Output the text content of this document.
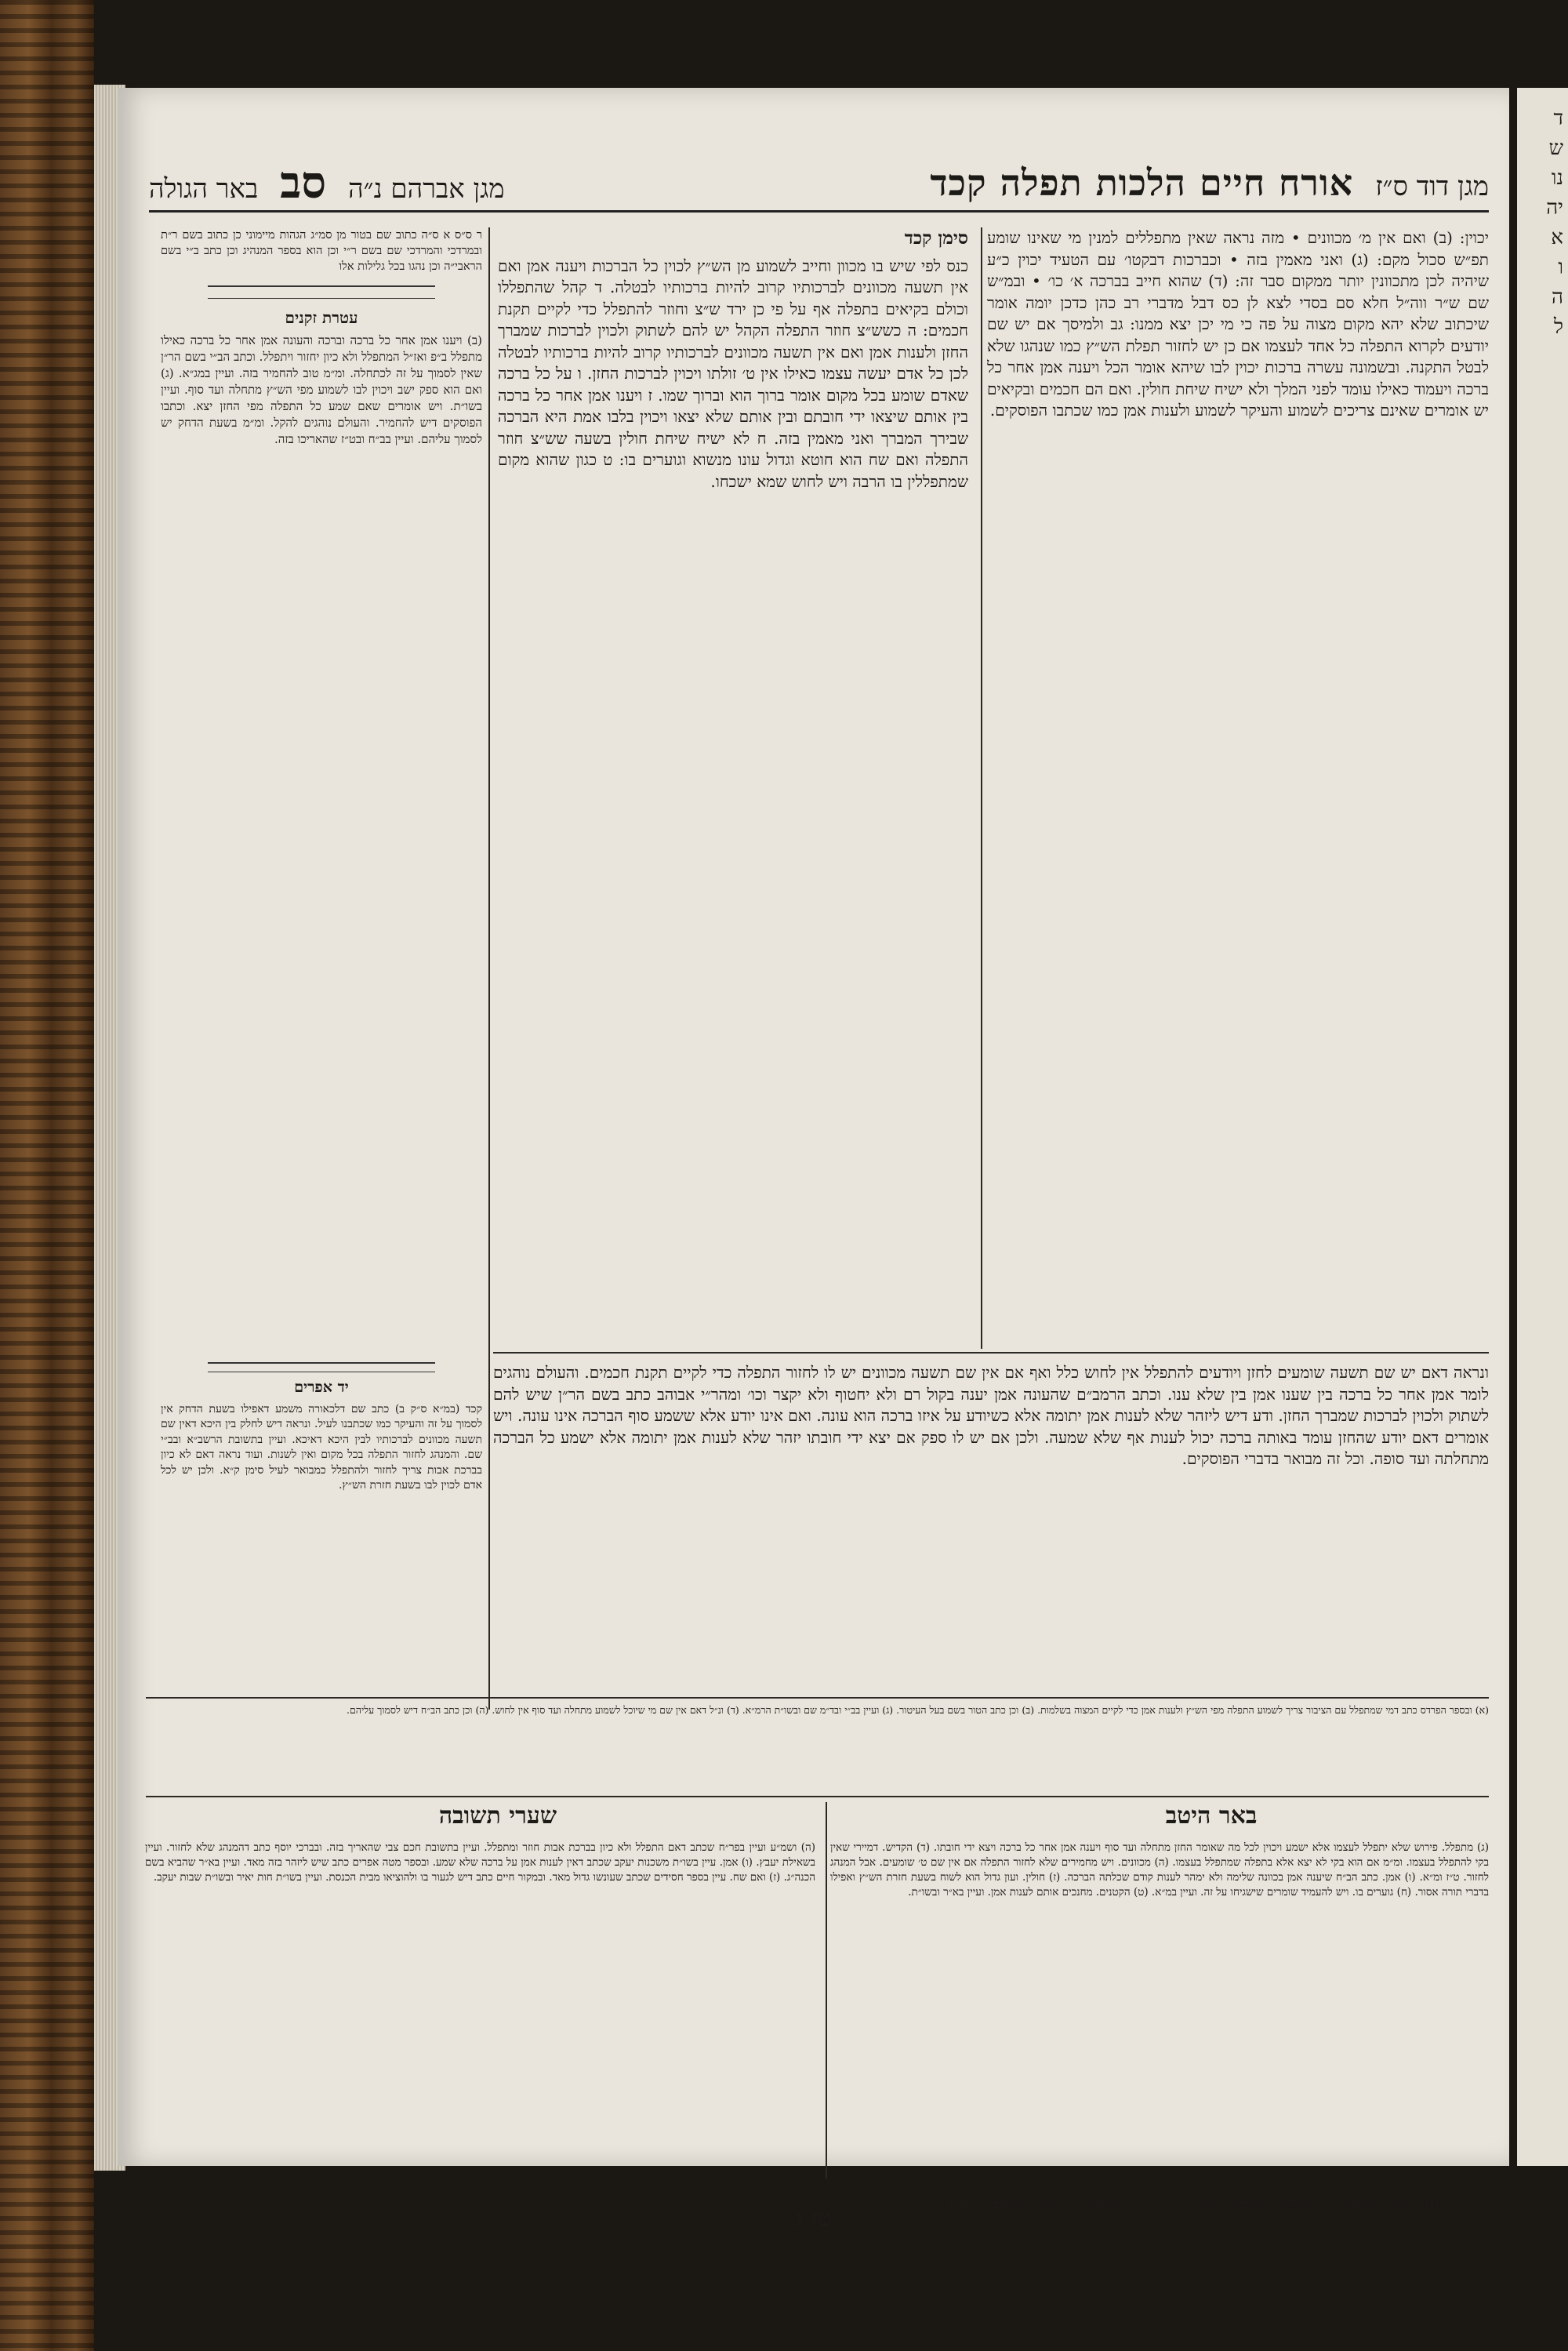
מגן דוד ס״ז
אורח חיים הלכות תפלה קכד
מגן אברהם נ״ה
סב
באר הגולה

יכוין: (ב) ואם אין מ׳ מכוונים • מזה נראה שאין מתפללים למנין מי שאינו שומע תפ״ש סכול מקם: (ג) ואני מאמין בזה • וכברכות דבקטו׳ עם הטעיד יכוין כ״ע שיהיה לכן מתכוונין יותר ממקום סבר זה: (ד) שהוא חייב בברכה א׳ כו׳ • ובמ״ש שם ש״ר ווה״ל חלא סם בסדי לצא לן כס דבל מדברי רב כהן כדכן יומה אומר שיכתוב שלא יהא מקום מצוה על פה כי מי יכן יצא ממנו: גב ולמיסך אם יש שם יודעים לקרוא התפלה כל אחד לעצמו אם כן יש לחזור תפלת הש״ץ כמו שנהגו שלא לבטל התקנה. ובשמונה עשרה ברכות יכוין לבו שיהא אומר הכל ויענה אמן אחר כל ברכה ויעמוד כאילו עומד לפני המלך ולא ישיח שיחת חולין. ואם הם חכמים ובקיאים יש אומרים שאינם צריכים לשמוע והעיקר לשמוע ולענות אמן כמו שכתבו הפוסקים.

סימן קכד

כנס לפי שיש בו מכוון וחייב לשמוע מן הש״ץ לכוין כל הברכות ויענה אמן ואם אין תשעה מכוונים לברכותיו קרוב להיות ברכותיו לבטלה. ד קהל שהתפללו וכולם בקיאים בתפלה אף על פי כן ירד ש״צ וחוזר להתפלל כדי לקיים תקנת חכמים: ה כשש״צ חוזר התפלה הקהל יש להם לשתוק ולכוין לברכות שמברך החזן ולענות אמן ואם אין תשעה מכוונים לברכותיו קרוב להיות ברכותיו לבטלה לכן כל אדם יעשה עצמו כאילו אין ט׳ זולתו ויכוין לברכות החזן. ו על כל ברכה שאדם שומע בכל מקום אומר ברוך הוא וברוך שמו. ז ויענו אמן אחר כל ברכה בין אותם שיצאו ידי חובתם ובין אותם שלא יצאו ויכוין בלבו אמת היא הברכה שבירך המברך ואני מאמין בזה. ח לא ישיח שיחת חולין בשעה שש״צ חוזר התפלה ואם שח הוא חוטא וגדול עונו מנשוא וגוערים בו: ט כגון שהוא מקום שמתפללין בו הרבה ויש לחוש שמא ישכחו.

ר ס״ס א ס״ה כתוב שם בטור מן סמ״ג הגהות מיימוני כן כתוב בשם ר״ת ובמרדכי והמרדכי שם בשם ר״י וכן הוא בספר המנהיג וכן כתב ב״י בשם הראבי״ה וכן נהגו בכל גלילות אלו

עטרת זקנים

(ב) ויענו אמן אחר כל ברכה וברכה והעונה אמן אחר כל ברכה כאילו מתפלל ב״פ ואז״ל המתפלל ולא כיון יחזור ויתפלל. וכתב הב״י בשם הר״ן שאין לסמוך על זה לכתחלה. ומ״מ טוב להחמיר בזה. ועיין במג״א. (ג) ואם הוא ספק ישב ויכוין לבו לשמוע מפי הש״ץ מתחלה ועד סוף. ועיין בשו״ת. ויש אומרים שאם שמע כל התפלה מפי החזן יצא. וכתבו הפוסקים דיש להחמיר. והעולם נוהגים להקל. ומ״מ בשעת הדחק יש לסמוך עליהם. ועיין בב״ח ובט״ז שהאריכו בזה.

ונראה דאם יש שם תשעה שומעים לחזן ויודעים להתפלל אין לחוש כלל ואף אם אין שם תשעה מכוונים יש לו לחזור התפלה כדי לקיים תקנת חכמים. והעולם נוהגים לומר אמן אחר כל ברכה בין שענו אמן בין שלא ענו. וכתב הרמב״ם שהעונה אמן יענה בקול רם ולא יחטוף ולא יקצר וכו׳ ומהר״י אבוהב כתב בשם הר״ן שיש להם לשתוק ולכוין לברכות שמברך החזן. ודע דיש ליזהר שלא לענות אמן יתומה אלא כשיודע על איזו ברכה הוא עונה. ואם אינו יודע אלא ששמע סוף הברכה אינו עונה. ויש אומרים דאם יודע שהחזן עומד באותה ברכה יכול לענות אף שלא שמעה. ולכן אם יש לו ספק אם יצא ידי חובתו יזהר שלא לענות אמן יתומה אלא ישמע כל הברכה מתחלתה ועד סופה. וכל זה מבואר בדברי הפוסקים.

יד אפרים

קכד (במ״א ס״ק ב) כתב שם דלכאורה משמע דאפילו בשעת הדחק אין לסמוך על זה והעיקר כמו שכתבנו לעיל. ונראה דיש לחלק בין היכא דאין שם תשעה מכוונים לברכותיו לבין היכא דאיכא. ועיין בתשובת הרשב״א ובב״י שם. והמנהג לחזור התפלה בכל מקום ואין לשנות. ועוד נראה דאם לא כיון בברכת אבות צריך לחזור ולהתפלל כמבואר לעיל סימן ק״א. ולכן יש לכל אדם לכוין לבו בשעת חזרת הש״ץ.

(א) ובספר הפרדס כתב דמי שמתפלל עם הציבור צריך לשמוע התפלה מפי הש״ץ ולענות אמן כדי לקיים המצוה בשלמות. (ב) וכן כתב הטור בשם בעל העיטור. (ג) ועיין בב״י ובד״מ שם ובשו״ת הרמ״א. (ד) ונ״ל דאם אין שם מי שיוכל לשמוע מתחלה ועד סוף אין לחוש. (ה) וכן כתב הב״ח דיש לסמוך עליהם.

באר היטב
שערי תשובה

(ג) מתפלל. פירוש שלא יתפלל לעצמו אלא ישמע ויכוין לכל מה שאומר החזן מתחלה ועד סוף ויענה אמן אחר כל ברכה ויצא ידי חובתו. (ד) הקדיש. דמיירי שאין בקי להתפלל בעצמו. ומ״מ אם הוא בקי לא יצא אלא בתפלה שמתפלל בעצמו. (ה) מכוונים. ויש מחמירים שלא לחזור התפלה אם אין שם ט׳ שומעים. אבל המנהג לחזור. ט״ז ומ״א. (ו) אמן. כתב הב״ח שיענה אמן בכוונה שלימה ולא ימהר לענות קודם שכלתה הברכה. (ז) חולין. ועון גדול הוא לשוח בשעת חזרת הש״ץ ואפילו בדברי תורה אסור. (ח) גוערים בו. ויש להעמיד שומרים שישגיחו על זה. ועיין במ״א. (ט) הקטנים. מחנכים אותם לענות אמן. ועיין בא״ר ובשו״ת.

(ה) ושמ״ע ועיין בפר״ח שכתב דאם התפלל ולא כיון בברכת אבות חוזר ומתפלל. ועיין בתשובת חכם צבי שהאריך בזה. ובברכי יוסף כתב דהמנהג שלא לחזור. ועיין בשאילת יעבץ. (ו) אמן. עיין בשו״ת משכנות יעקב שכתב דאין לענות אמן על ברכה שלא שמע. ובספר מטה אפרים כתב שיש ליזהר בזה מאד. ועיין בא״ר שהביא בשם הכנה״ג. (ז) ואם שח. עיין בספר חסידים שכתב שעונשו גדול מאד. ובמקור חיים כתב דיש לגעור בו ולהוציאו מבית הכנסת. ועיין בשו״ת חות יאיר ובשו״ת שבות יעקב.

(*) ואם הש״ץ מתפלל בקול רם והקהל שומעים אין לחוש ונ״ל דאף אם אין תשעה מכוונים יצאו ידי חובתם ועיין בא״ר

טז ג
ד
ש
נו
יה
א
ו
ה
ל
